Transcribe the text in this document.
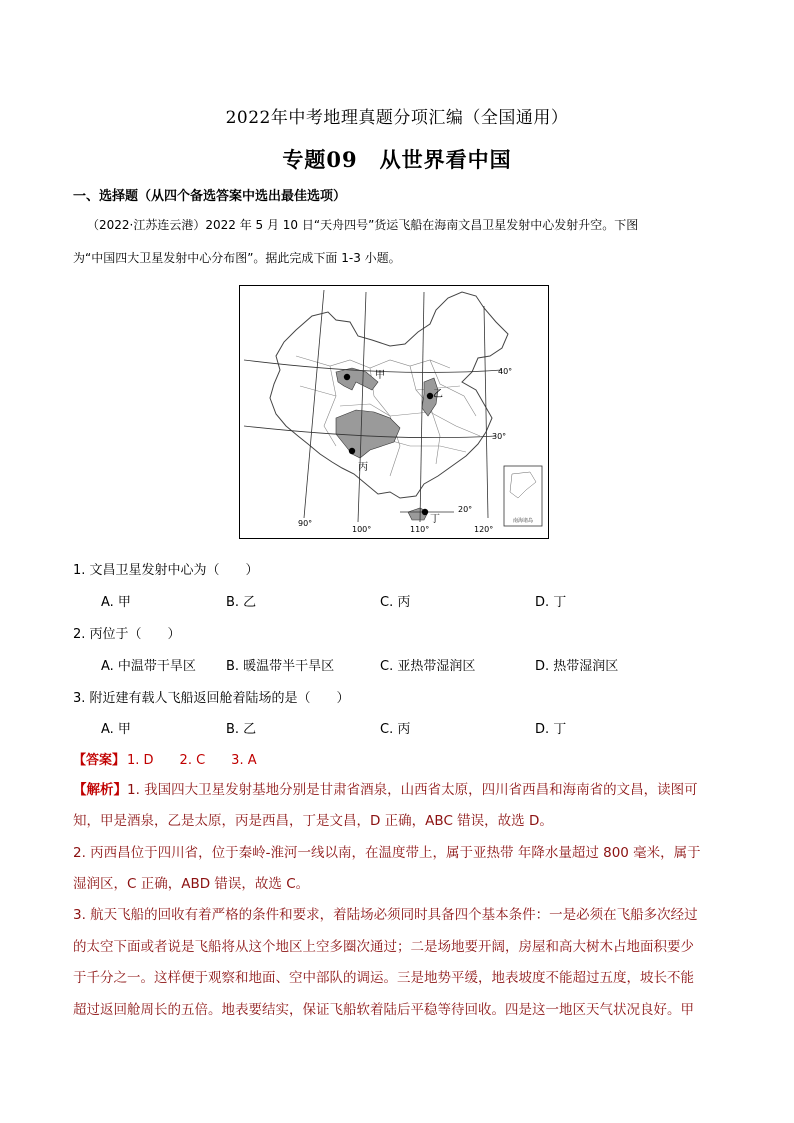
2022年中考地理真题分项汇编（全国通用）
专题09　从世界看中国
一、选择题（从四个备选答案中选出最佳选项）
（2022·江苏连云港）2022 年 5 月 10 日“天舟四号”货运飞船在海南文昌卫星发射中心发射升空。下图
为“中国四大卫星发射中心分布图”。据此完成下面 1-3 小题。
南海诸岛
甲
乙
丙
丁
40°
30°
20°
90°
100°	110°	120°
1. 文昌卫星发射中心为（　　）
A. 甲	B. 乙	C. 丙	D. 丁
2. 丙位于（　　）
A. 中温带干旱区 B. 暖温带半干旱区	C. 亚热带湿润区	D. 热带湿润区
3. 附近建有载人飞船返回舱着陆场的是（　　）
A. 甲	B. 乙	C. 丙	D. 丁
【答案】 1. D　　2. C　　3. A
【解析】1. 我国四大卫星发射基地分别是甘肃省酒泉，山西省太原，四川省西昌和海南省的文昌，读图可
知，甲是酒泉，乙是太原，丙是西昌，丁是文昌，D 正确，ABC 错误，故选 D。
2. 丙西昌位于四川省，位于秦岭-淮河一线以南，在温度带上，属于亚热带 年降水量超过 800 毫米，属于
湿润区，C 正确，ABD 错误，故选 C。
3. 航天飞船的回收有着严格的条件和要求，着陆场必须同时具备四个基本条件：一是必须在飞船多次经过
的太空下面或者说是飞船将从这个地区上空多圈次通过；二是场地要开阔，房屋和高大树木占地面积要少
于千分之一。这样便于观察和地面、空中部队的调运。三是地势平缓，地表坡度不能超过五度，坡长不能
超过返回舱周长的五倍。地表要结实，保证飞船软着陆后平稳等待回收。四是这一地区天气状况良好。甲
